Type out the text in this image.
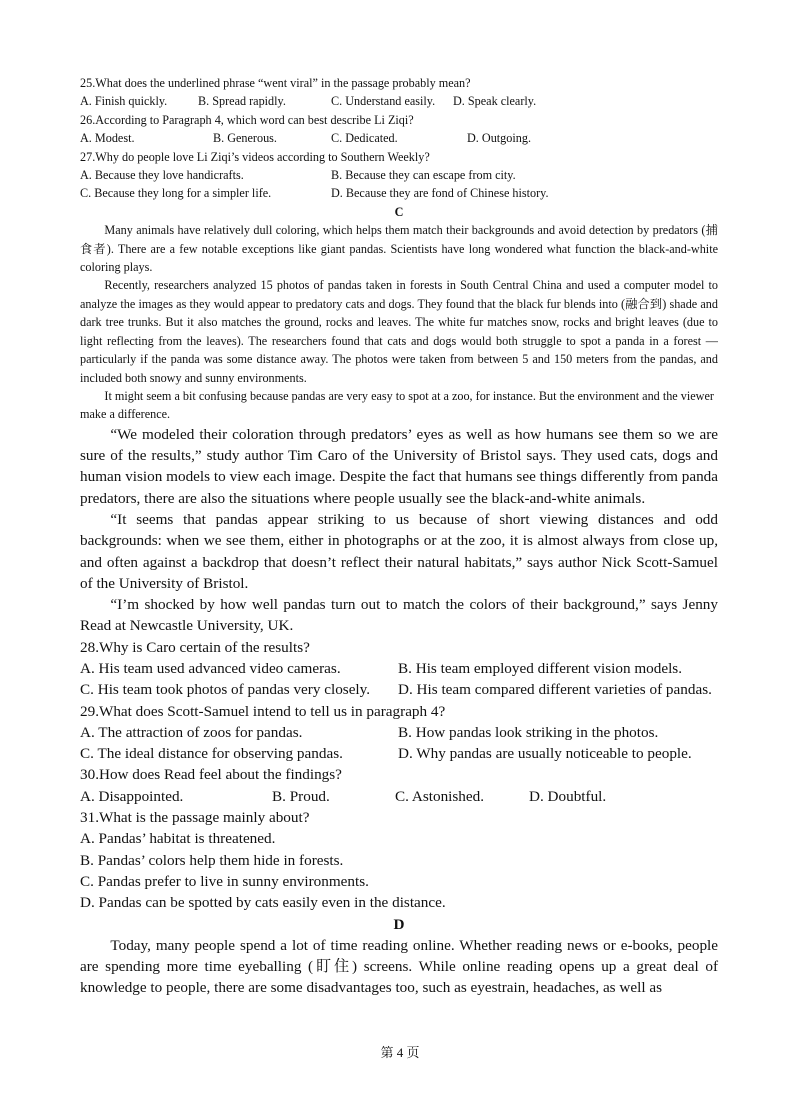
25.What does the underlined phrase “went viral” in the passage probably mean?

A. Finish quickly.	B. Spread rapidly.	C. Understand easily.	D. Speak clearly.

26.According to Paragraph 4, which word can best describe Li Ziqi?

A. Modest.	B. Generous.	C. Dedicated.	D. Outgoing.

27.Why do people love Li Ziqi’s videos according to Southern Weekly?

A. Because they love handicrafts.	B. Because they can escape from city.
C. Because they long for a simpler life.	D. Because they are fond of Chinese history.

C

Many animals have relatively dull coloring, which helps them match their backgrounds and avoid detection by predators (捕食者). There are a few notable exceptions like giant pandas. Scientists have long wondered what function the black-and-white coloring plays.

Recently, researchers analyzed 15 photos of pandas taken in forests in South Central China and used a computer model to analyze the images as they would appear to predatory cats and dogs. They found that the black fur blends into (融合到) shade and dark tree trunks. But it also matches the ground, rocks and leaves. The white fur matches snow, rocks and bright leaves (due to light reflecting from the leaves). The researchers found that cats and dogs would both struggle to spot a panda in a forest — particularly if the panda was some distance away. The photos were taken from between 5 and 150 meters from the pandas, and included both snowy and sunny environments.

It might seem a bit confusing because pandas are very easy to spot at a zoo, for instance. But the environment and the viewer make a difference.

“We modeled their coloration through predators’ eyes as well as how humans see them so we are sure of the results,” study author Tim Caro of the University of Bristol says. They used cats, dogs and human vision models to view each image. Despite the fact that humans see things differently from panda predators, there are also the situations where people usually see the black-and-white animals.

“It seems that pandas appear striking to us because of short viewing distances and odd backgrounds: when we see them, either in photographs or at the zoo, it is almost always from close up, and often against a backdrop that doesn’t reflect their natural habitats,” says author Nick Scott-Samuel of the University of Bristol.

“I’m shocked by how well pandas turn out to match the colors of their background,” says Jenny Read at Newcastle University, UK.

28.Why is Caro certain of the results?

A. His team used advanced video cameras.	B. His team employed different vision models.
C. His team took photos of pandas very closely.	D. His team compared different varieties of pandas.

29.What does Scott-Samuel intend to tell us in paragraph 4?

A. The attraction of zoos for pandas.	B. How pandas look striking in the photos.
C. The ideal distance for observing pandas.	D. Why pandas are usually noticeable to people.

30.How does Read feel about the findings?

A. Disappointed.	B. Proud.	C. Astonished.	D. Doubtful.

31.What is the passage mainly about?

A. Pandas’ habitat is threatened.

B. Pandas’ colors help them hide in forests.

C. Pandas prefer to live in sunny environments.

D. Pandas can be spotted by cats easily even in the distance.

D

Today, many people spend a lot of time reading online. Whether reading news or e-books, people are spending more time eyeballing (盯住) screens. While online reading opens up a great deal of knowledge to people, there are some disadvantages too, such as eyestrain, headaches, as well as

第 4 页
